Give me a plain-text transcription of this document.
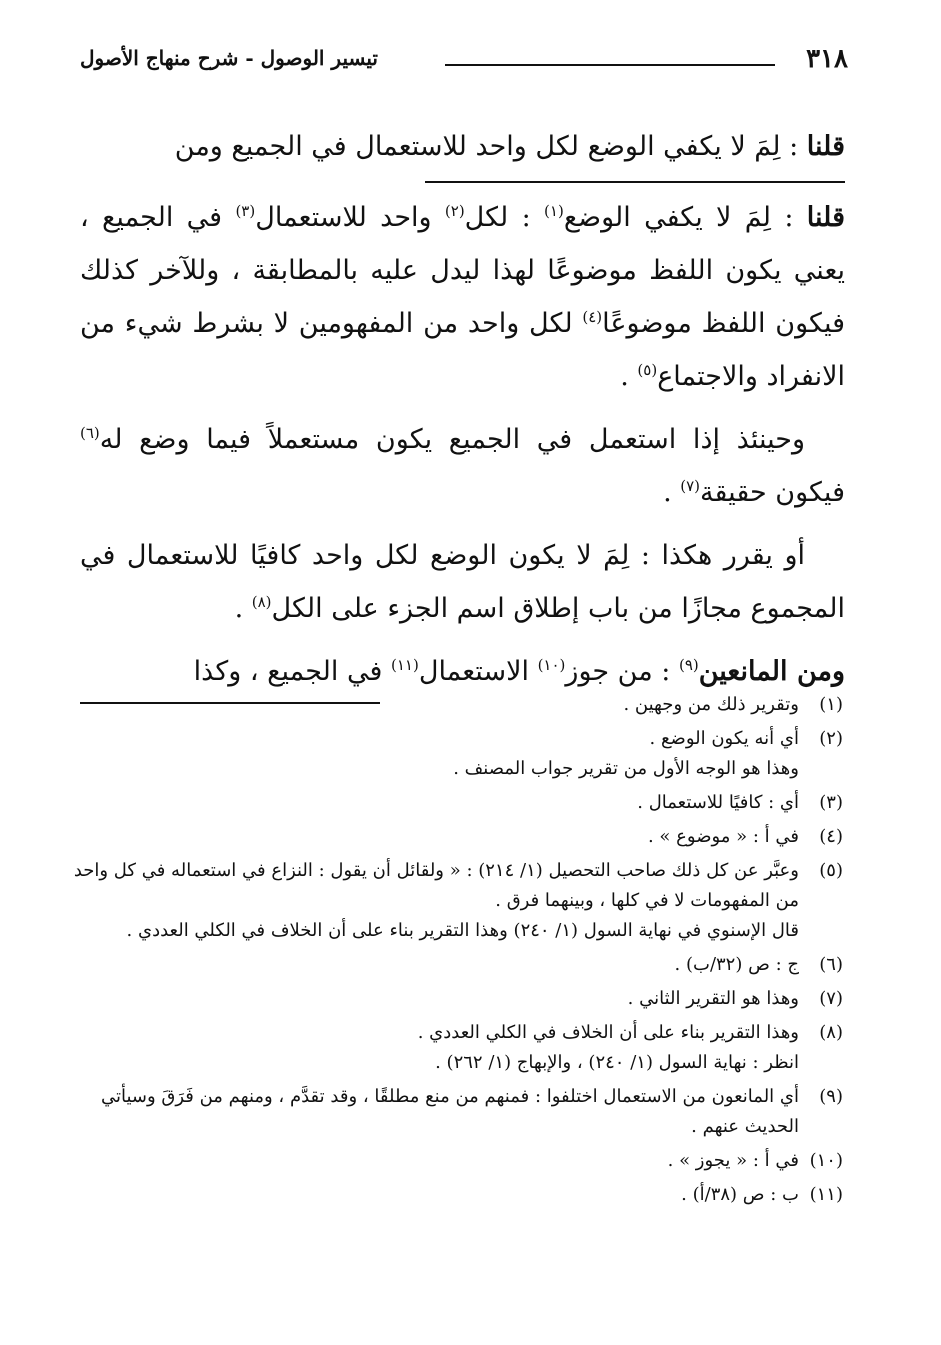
٣١٨
تيسير الوصول - شرح منهاج الأصول

قلنا : لِمَ لا يكفي الوضع لكل واحد للاستعمال في الجميع ومن

قلنا : لِمَ لا يكفي الوضع$^{(١)}$ : لكل$^{(٢)}$ واحد للاستعمال$^{(٣)}$ في الجميع ، يعني يكون اللفظ موضوعًا لهذا ليدل عليه بالمطابقة ، وللآخر كذلك فيكون اللفظ موضوعًا$^{(٤)}$ لكل واحد من المفهومين لا بشرط شيء من الانفراد والاجتماع$^{(٥)}$ .

وحينئذ إذا استعمل في الجميع يكون مستعملاً فيما وضع له$^{(٦)}$ فيكون حقيقة$^{(٧)}$ .

أو يقرر هكذا : لِمَ لا يكون الوضع لكل واحد كافيًا للاستعمال في المجموع مجازًا من باب إطلاق اسم الجزء على الكل$^{(٨)}$ .

ومن المانعين$^{(٩)}$ : من جوز$^{(١٠)}$ الاستعمال$^{(١١)}$ في الجميع ، وكذا

(١)
وتقرير ذلك من وجهين .

(٢)
أي أنه يكون الوضع .
وهذا هو الوجه الأول من تقرير جواب المصنف .

(٣)
أي : كافيًا للاستعمال .

(٤)
في أ : « موضوع » .

(٥)
وعبَّر عن كل ذلك صاحب التحصيل (١/ ٢١٤) : « ولقائل أن يقول : النزاع في استعماله في كل واحد من المفهومات لا في كلها ، وبينهما فرق .
قال الإسنوي في نهاية السول (١/ ٢٤٠) وهذا التقرير بناء على أن الخلاف في الكلي العددي .

(٦)
ج : ص (٣٢/ب) .

(٧)
وهذا هو التقرير الثاني .

(٨)
وهذا التقرير بناء على أن الخلاف في الكلي العددي .
انظر : نهاية السول (١/ ٢٤٠) ، والإبهاج (١/ ٢٦٢) .

(٩)
أي المانعون من الاستعمال اختلفوا : فمنهم من منع مطلقًا ، وقد تقدَّم ، ومنهم من فَرَقَ وسيأتي الحديث عنهم .

(١٠)
في أ : « يجوز » .

(١١)
ب : ص (٣٨/أ) .
